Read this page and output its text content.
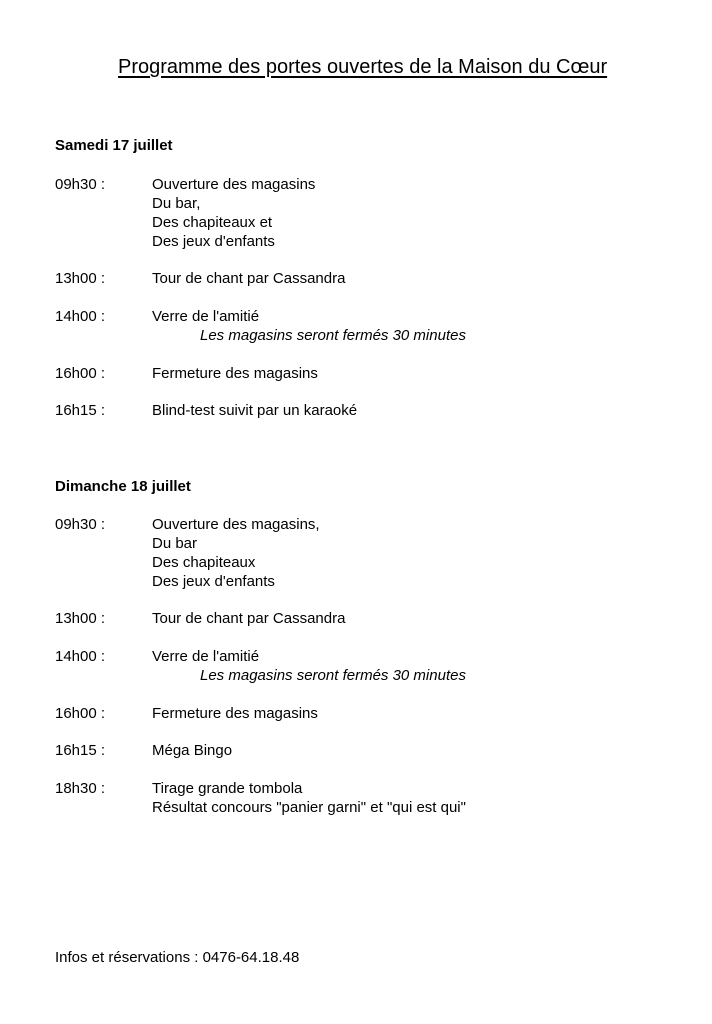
Programme des portes ouvertes de la Maison du Cœur
Samedi 17 juillet
09h30 :	Ouverture des magasins
Du bar,
Des chapiteaux et
Des jeux d'enfants
13h00 :	Tour de chant par Cassandra
14h00 :	Verre de l'amitié
Les magasins seront fermés 30 minutes
16h00 :	Fermeture des magasins
16h15 :	Blind-test suivit par un karaoké
Dimanche 18 juillet
09h30 :	Ouverture des magasins,
Du bar
Des chapiteaux
Des jeux d'enfants
13h00 :	Tour de chant par Cassandra
14h00 :	Verre de l'amitié
Les magasins seront fermés 30 minutes
16h00 :	Fermeture des magasins
16h15 :	Méga Bingo
18h30 :	Tirage grande tombola
Résultat concours "panier garni" et "qui est qui"
Infos et réservations : 0476-64.18.48
